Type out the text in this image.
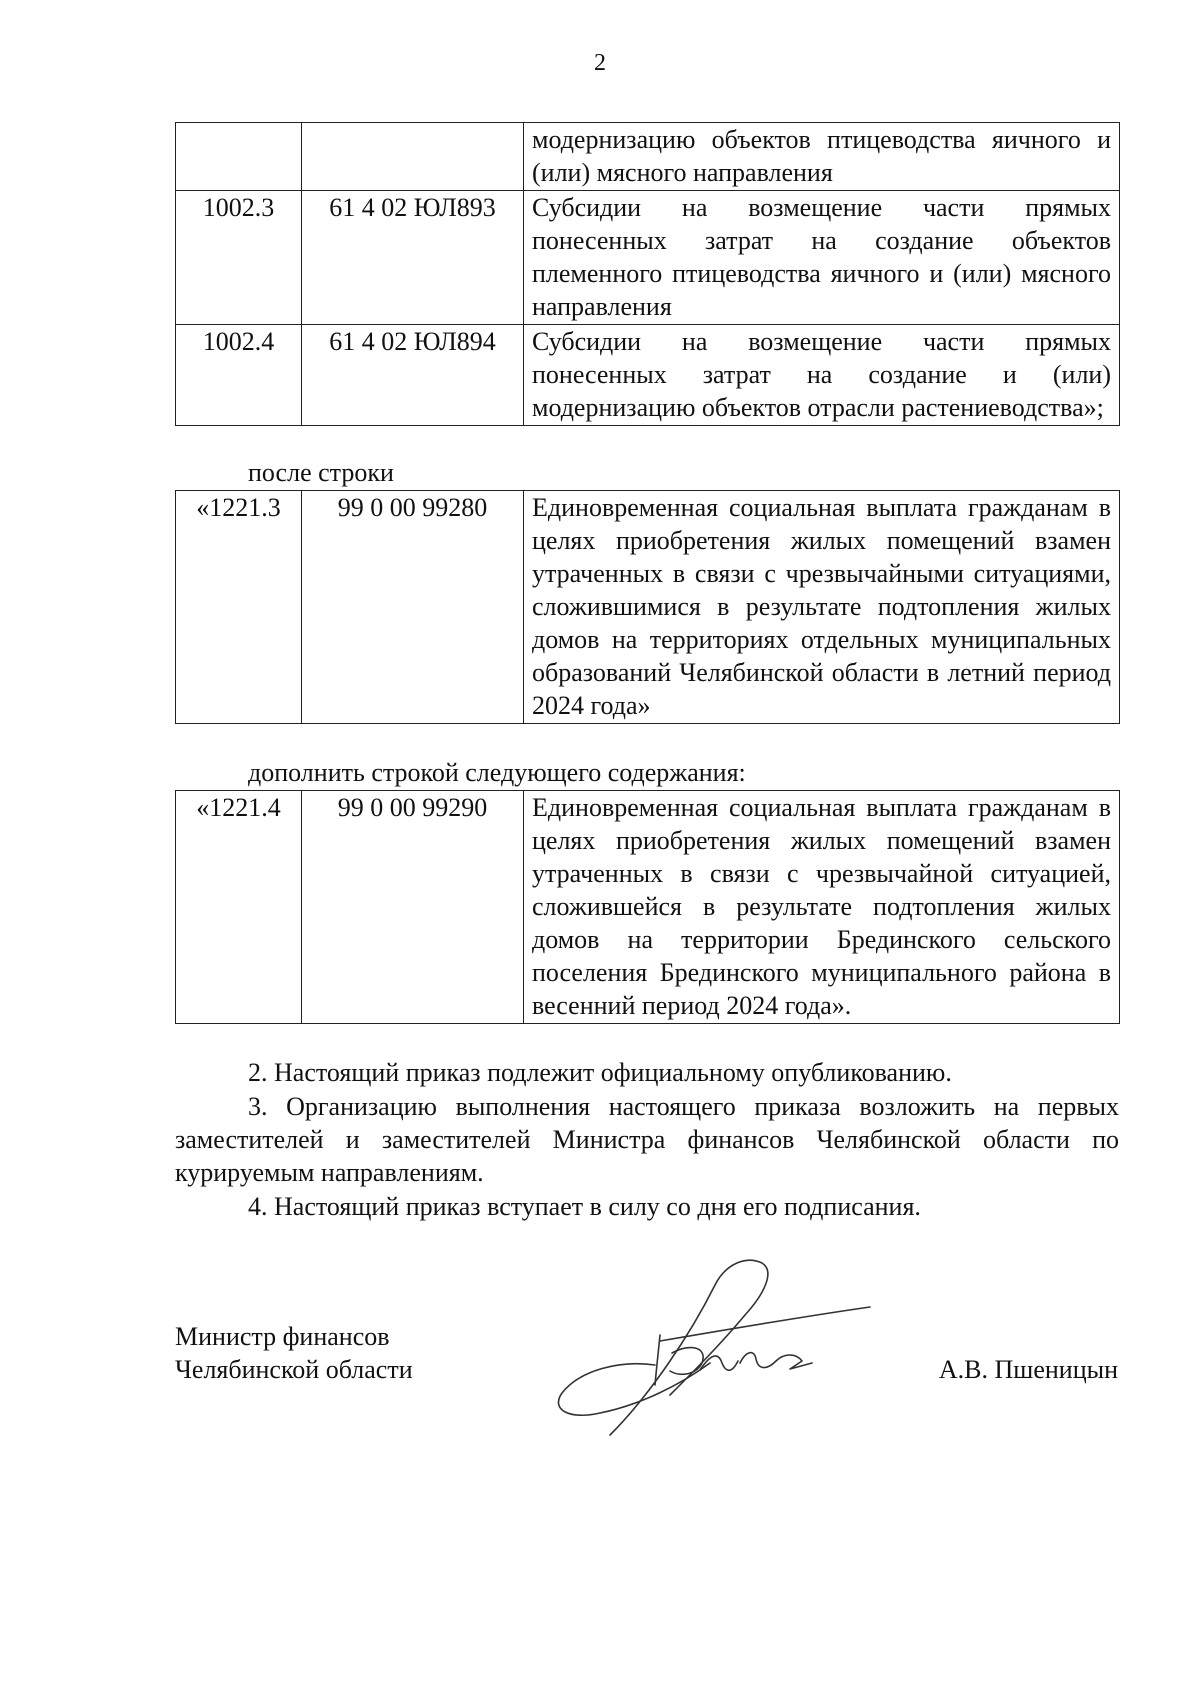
2
		модернизацию объектов птицеводства яичного и (или) мясного направления
1002.3	61 4 02 ЮЛ893	Субсидии на возмещение части прямых понесенных затрат на создание объектов племенного птицеводства яичного и (или) мясного направления
1002.4	61 4 02 ЮЛ894	Субсидии на возмещение части прямых понесенных затрат на создание и (или) модернизацию объектов отрасли растениеводства»;
после строки
«1221.3	99 0 00 99280	Единовременная социальная выплата гражданам в целях приобретения жилых помещений взамен утраченных в связи с чрезвычайными ситуациями, сложившимися в результате подтопления жилых домов на территориях отдельных муниципальных образований Челябинской области в летний период 2024 года»
дополнить строкой следующего содержания:
«1221.4	99 0 00 99290	Единовременная социальная выплата гражданам в целях приобретения жилых помещений взамен утраченных в связи с чрезвычайной ситуацией, сложившейся в результате подтопления жилых домов на территории Брединского сельского поселения Брединского муниципального района в весенний период 2024 года».
2. Настоящий приказ подлежит официальному опубликованию.
3. Организацию выполнения настоящего приказа возложить на первых заместителей и заместителей Министра финансов Челябинской области по курируемым направлениям.
4. Настоящий приказ вступает в силу со дня его подписания.
Министр финансов
Челябинской области	А.В. Пшеницын
